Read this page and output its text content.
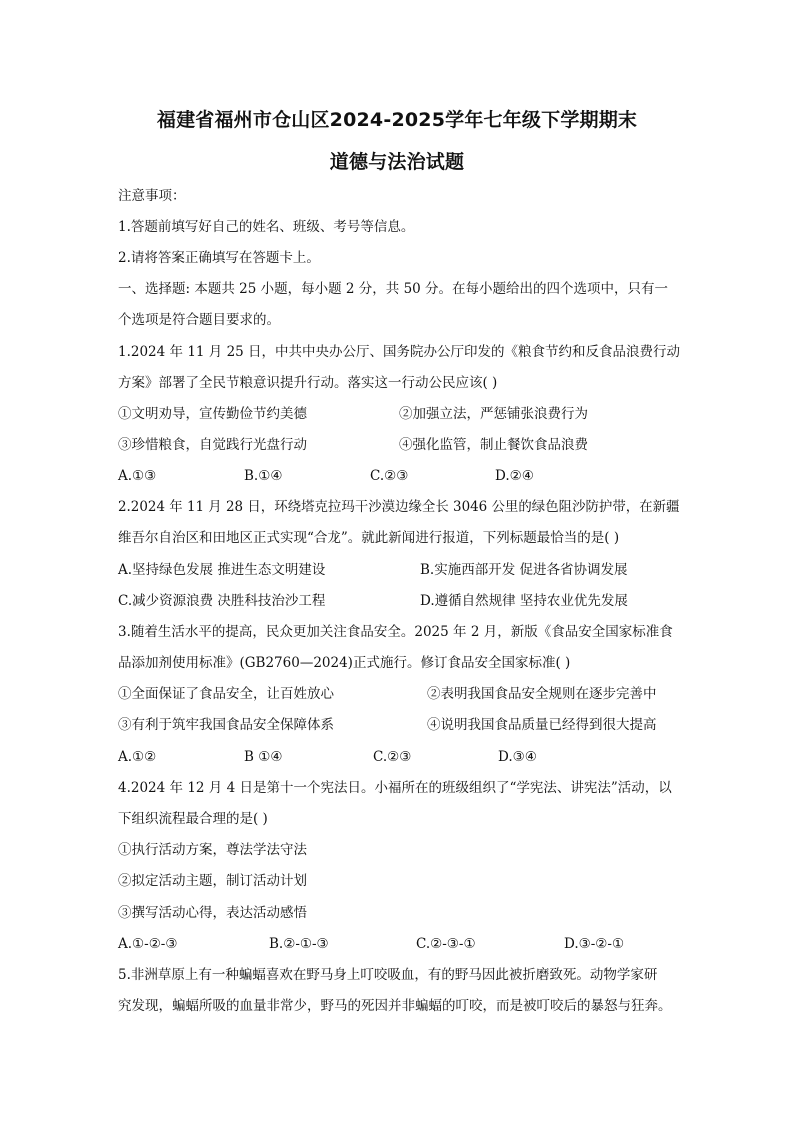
福建省福州市仓山区2024-2025学年七年级下学期期末
道德与法治试题
注意事项：
1.答题前填写好自己的姓名、班级、考号等信息。
2.请将答案正确填写在答题卡上。
一、选择题: 本题共 25 小题，每小题 2 分，共 50 分。在每小题给出的四个选项中，只有一
个选项是符合题目要求的。
1.2024 年 11 月 25 日，中共中央办公厅、国务院办公厅印发的《粮食节约和反食品浪费行动
方案》部署了全民节粮意识提升行动。落实这一行动公民应该( )
①文明劝导，宣传勤俭节约美德	②加强立法，严惩铺张浪费行为
③珍惜粮食，自觉践行光盘行动	④强化监管，制止餐饮食品浪费
A.①③	B.①④	C.②③	D.②④
2.2024 年 11 月 28 日，环绕塔克拉玛干沙漠边缘全长 3046 公里的绿色阻沙防护带，在新疆
维吾尔自治区和田地区正式实现“合龙”。就此新闻进行报道，下列标题最恰当的是( )
A.坚持绿色发展 推进生态文明建设	B.实施西部开发 促进各省协调发展
C.减少资源浪费 决胜科技治沙工程	D.遵循自然规律 坚持农业优先发展
3.随着生活水平的提高，民众更加关注食品安全。2025 年 2 月，新版《食品安全国家标准食
品添加剂使用标准》(GB2760—2024)正式施行。修订食品安全国家标准( )
①全面保证了食品安全，让百姓放心	②表明我国食品安全规则在逐步完善中
③有利于筑牢我国食品安全保障体系	④说明我国食品质量已经得到很大提高
A.①②	B ①④	C.②③	D.③④
4.2024 年 12 月 4 日是第十一个宪法日。小福所在的班级组织了“学宪法、讲宪法”活动，以
下组织流程最合理的是( )
①执行活动方案，尊法学法守法
②拟定活动主题，制订活动计划
③撰写活动心得，表达活动感悟
A.①-②-③	B.②-①-③	C.②-③-①	D.③-②-①
5.非洲草原上有一种蝙蝠喜欢在野马身上叮咬吸血，有的野马因此被折磨致死。动物学家研
究发现，蝙蝠所吸的血量非常少，野马的死因并非蝙蝠的叮咬，而是被叮咬后的暴怒与狂奔。
